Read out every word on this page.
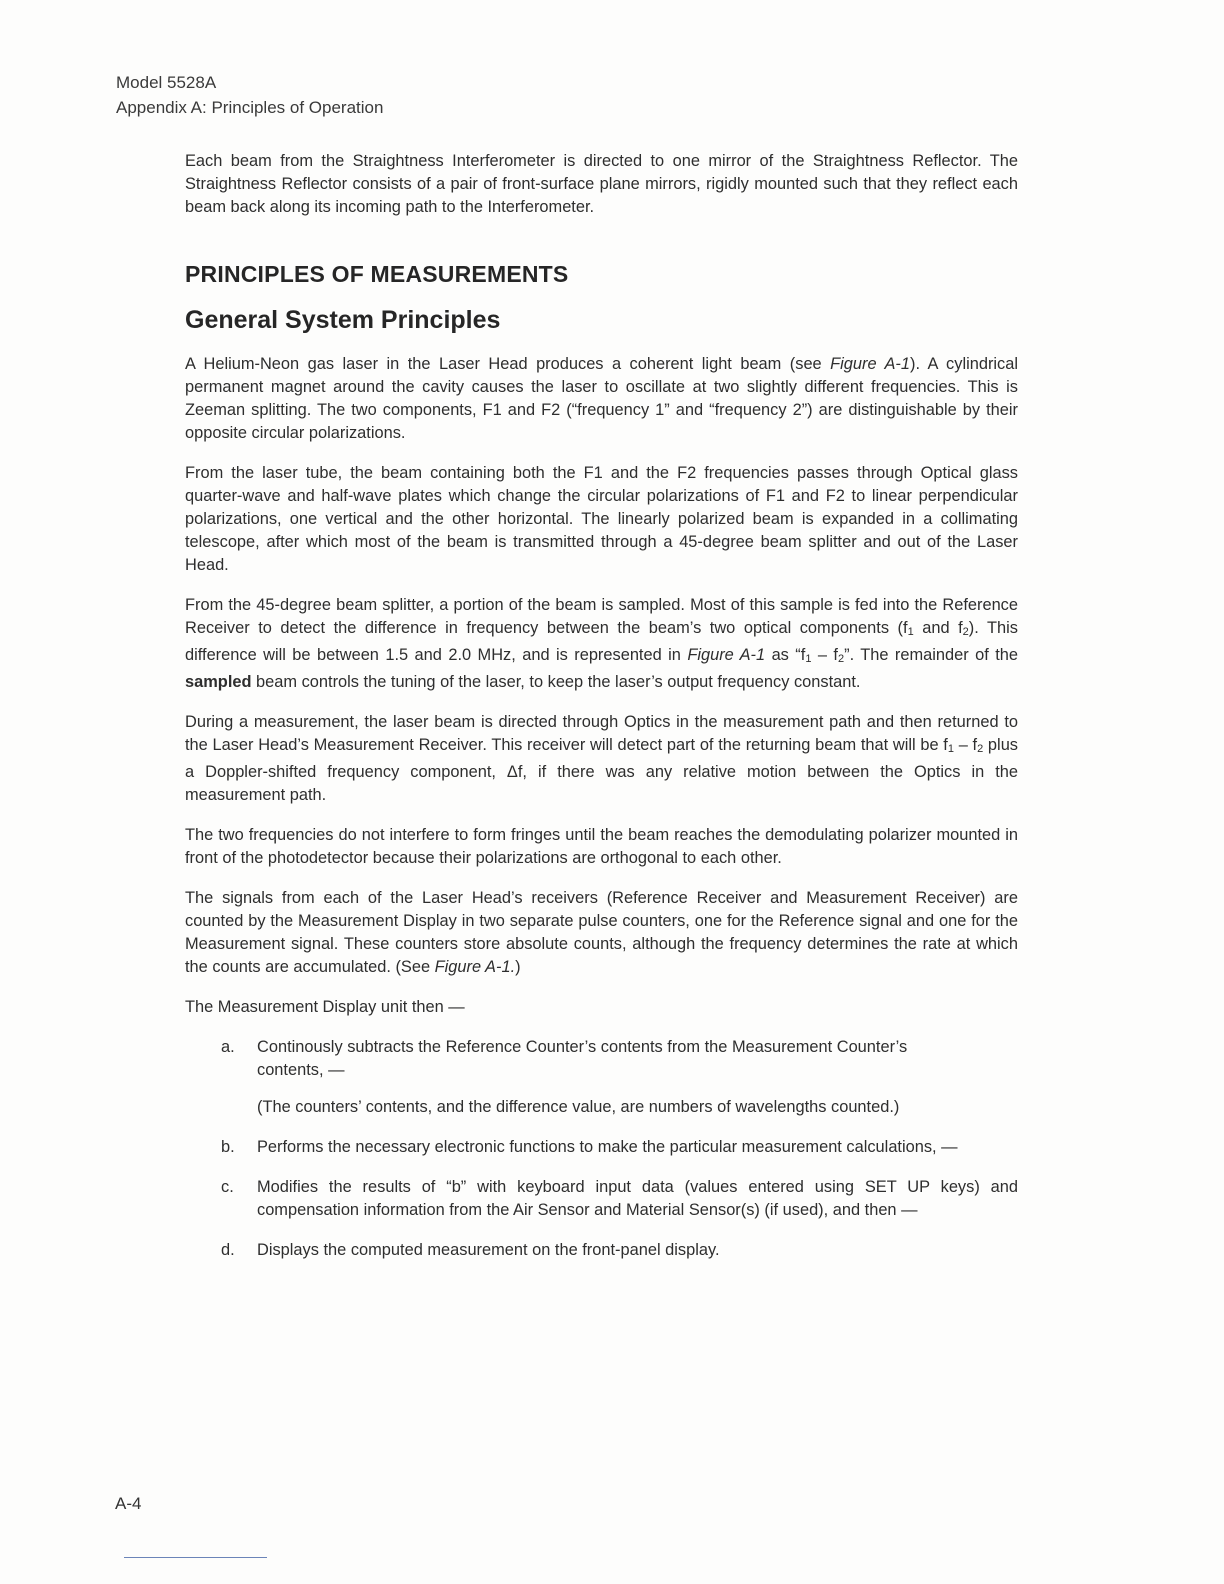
Model 5528A
Appendix A: Principles of Operation

Each beam from the Straightness Interferometer is directed to one mirror of the Straightness Reflector. The Straightness Reflector consists of a pair of front-surface plane mirrors, rigidly mounted such that they reflect each beam back along its incoming path to the Interferometer.

PRINCIPLES OF MEASUREMENTS
General System Principles

A Helium-Neon gas laser in the Laser Head produces a coherent light beam (see Figure A-1). A cylindrical permanent magnet around the cavity causes the laser to oscillate at two slightly different frequencies. This is Zeeman splitting. The two components, F1 and F2 (“frequency 1” and “frequency 2”) are distinguishable by their opposite circular polarizations.

From the laser tube, the beam containing both the F1 and the F2 frequencies passes through Optical glass quarter-wave and half-wave plates which change the circular polarizations of F1 and F2 to linear perpendicular polarizations, one vertical and the other horizontal. The linearly polarized beam is expanded in a collimating telescope, after which most of the beam is transmitted through a 45-degree beam splitter and out of the Laser Head.

From the 45-degree beam splitter, a portion of the beam is sampled. Most of this sample is fed into the Reference Receiver to detect the difference in frequency between the beam’s two optical components ($f_1$ and $f_2$). This difference will be between 1.5 and 2.0 MHz, and is represented in Figure A-1 as “$f_1 - f_2$”. The remainder of the sampled beam controls the tuning of the laser, to keep the laser’s output frequency constant.

During a measurement, the laser beam is directed through Optics in the measurement path and then returned to the Laser Head’s Measurement Receiver. This receiver will detect part of the returning beam that will be $f_1 - f_2$ plus a Doppler-shifted frequency component, Δf, if there was any relative motion between the Optics in the measurement path.

The two frequencies do not interfere to form fringes until the beam reaches the demodulating polarizer mounted in front of the photodetector because their polarizations are orthogonal to each other.

The signals from each of the Laser Head’s receivers (Reference Receiver and Measurement Receiver) are counted by the Measurement Display in two separate pulse counters, one for the Reference signal and one for the Measurement signal. These counters store absolute counts, although the frequency determines the rate at which the counts are accumulated. (See Figure A-1.)

The Measurement Display unit then —

a. Continously subtracts the Reference Counter’s contents from the Measurement Counter’s contents, —

(The counters’ contents, and the difference value, are numbers of wavelengths counted.)

b. Performs the necessary electronic functions to make the particular measurement calculations, —

c. Modifies the results of “b” with keyboard input data (values entered using SET UP keys) and compensation information from the Air Sensor and Material Sensor(s) (if used), and then —

d. Displays the computed measurement on the front-panel display.

A-4
